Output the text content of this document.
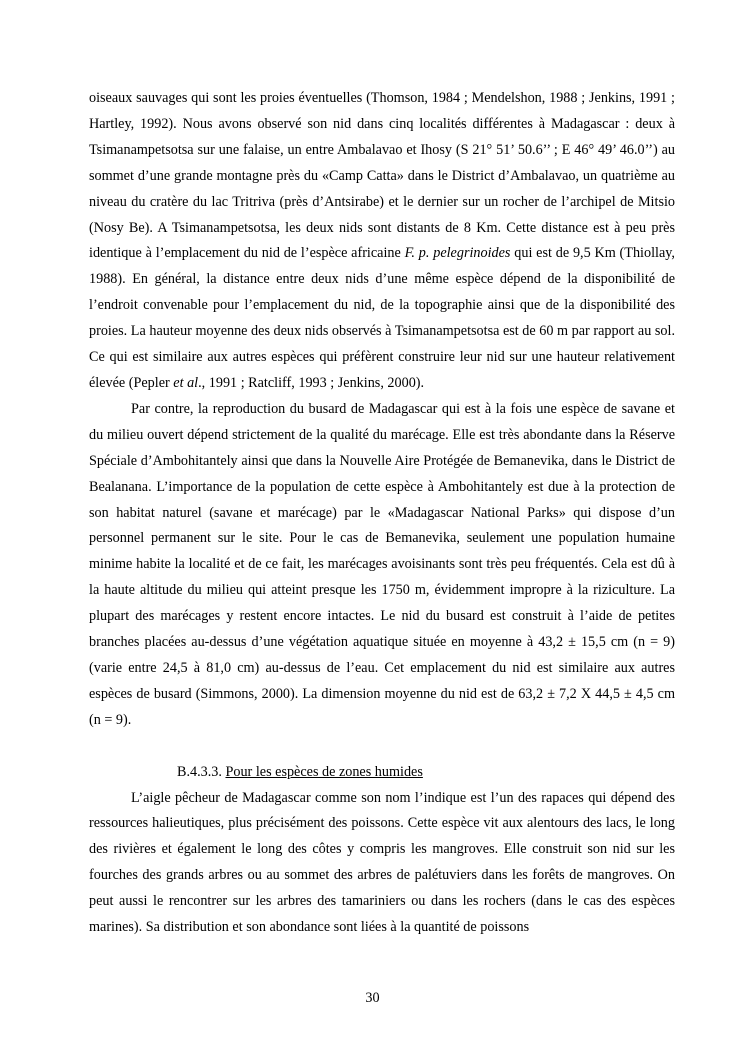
oiseaux sauvages qui sont les proies éventuelles (Thomson, 1984 ; Mendelshon, 1988 ; Jenkins, 1991 ; Hartley, 1992). Nous avons observé son nid dans cinq localités différentes à Madagascar : deux à Tsimanampetsotsa sur une falaise, un entre Ambalavao et Ihosy (S 21° 51’ 50.6’’ ; E 46° 49’ 46.0’’) au sommet d’une grande montagne près du «Camp Catta» dans le District d’Ambalavao, un quatrième au niveau du cratère du lac Tritriva (près d’Antsirabe) et le dernier sur un rocher de l’archipel de Mitsio (Nosy Be). A Tsimanampetsotsa, les deux nids sont distants de 8 Km. Cette distance est à peu près identique à l’emplacement du nid de l’espèce africaine F. p. pelegrinoides qui est de 9,5 Km (Thiollay, 1988). En général, la distance entre deux nids d’une même espèce dépend de la disponibilité de l’endroit convenable pour l’emplacement du nid, de la topographie ainsi que de la disponibilité des proies. La hauteur moyenne des deux nids observés à Tsimanampetsotsa est de 60 m par rapport au sol. Ce qui est similaire aux autres espèces qui préfèrent construire leur nid sur une hauteur relativement élevée (Pepler et al., 1991 ; Ratcliff, 1993 ; Jenkins, 2000).

Par contre, la reproduction du busard de Madagascar qui est à la fois une espèce de savane et du milieu ouvert dépend strictement de la qualité du marécage. Elle est très abondante dans la Réserve Spéciale d’Ambohitantely ainsi que dans la Nouvelle Aire Protégée de Bemanevika, dans le District de Bealanana. L’importance de la population de cette espèce à Ambohitantely est due à la protection de son habitat naturel (savane et marécage) par le «Madagascar National Parks» qui dispose d’un personnel permanent sur le site. Pour le cas de Bemanevika, seulement une population humaine minime habite la localité et de ce fait, les marécages avoisinants sont très peu fréquentés. Cela est dû à la haute altitude du milieu qui atteint presque les 1750 m, évidemment impropre à la riziculture. La plupart des marécages y restent encore intactes. Le nid du busard est construit à l’aide de petites branches placées au-dessus d’une végétation aquatique située en moyenne à 43,2 ± 15,5 cm (n = 9)(varie entre 24,5 à 81,0 cm) au-dessus de l’eau. Cet emplacement du nid est similaire aux autres espèces de busard (Simmons, 2000). La dimension moyenne du nid est de 63,2 ± 7,2 X 44,5 ± 4,5 cm (n = 9).

B.4.3.3. Pour les espèces de zones humides

L’aigle pêcheur de Madagascar comme son nom l’indique est l’un des rapaces qui dépend des ressources halieutiques, plus précisément des poissons. Cette espèce vit aux alentours des lacs, le long des rivières et également le long des côtes y compris les mangroves. Elle construit son nid sur les fourches des grands arbres ou au sommet des arbres de palétuviers dans les forêts de mangroves. On peut aussi le rencontrer sur les arbres des tamariniers ou dans les rochers (dans le cas des espèces marines). Sa distribution et son abondance sont liées à la quantité de poissons

30
